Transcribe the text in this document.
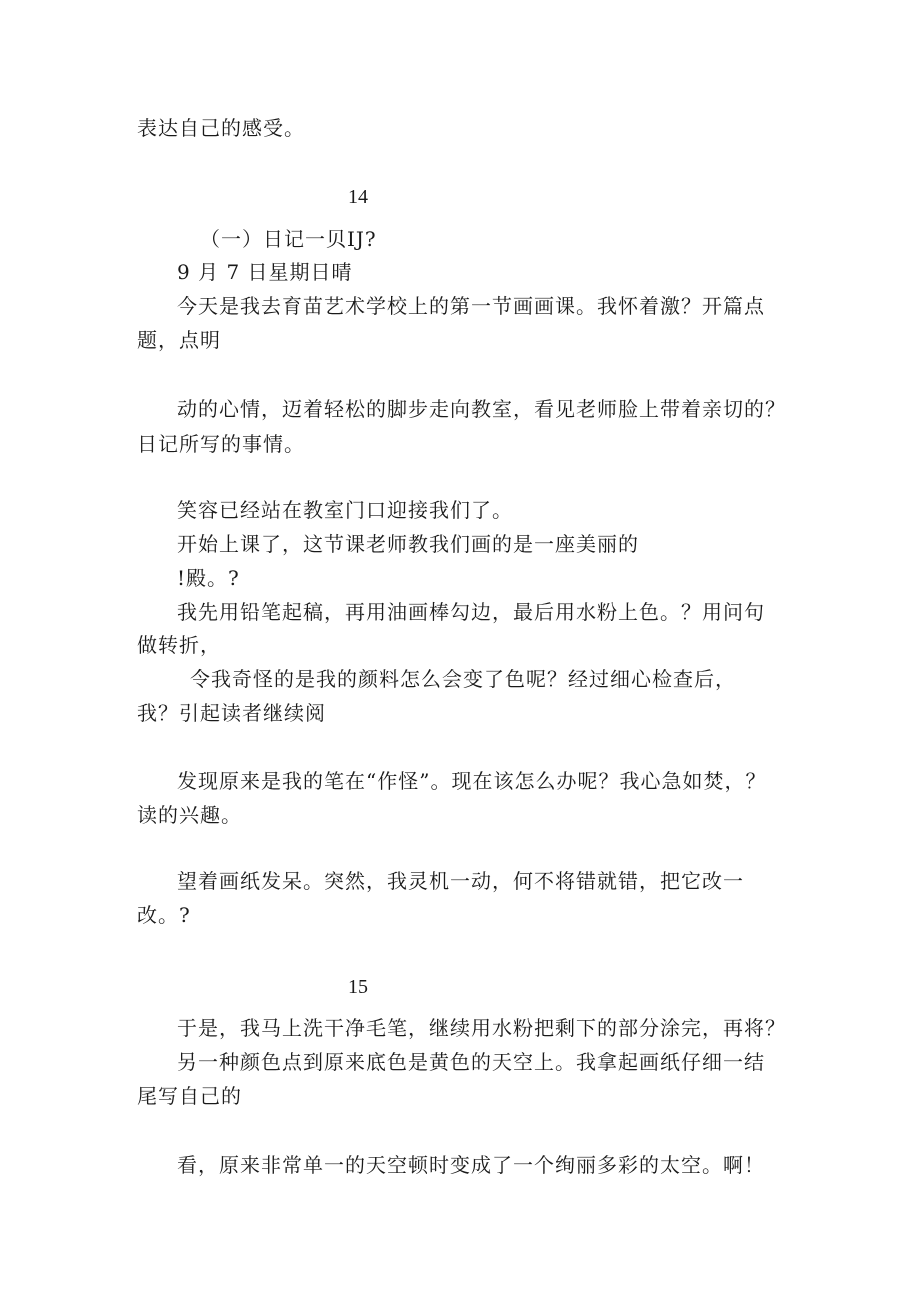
表达自己的感受。
14
（一）日记一贝IJ?
9 月 7 日星期日晴
今天是我去育苗艺术学校上的第一节画画课。我怀着激？开篇点
题，点明
动的心情，迈着轻松的脚步走向教室，看见老师脸上带着亲切的？
日记所写的事情。
笑容已经站在教室门口迎接我们了。
开始上课了，这节课老师教我们画的是一座美丽的
!殿。?
我先用铅笔起稿，再用油画棒勾边，最后用水粉上色。？用问句
做转折，
令我奇怪的是我的颜料怎么会变了色呢？经过细心检查后，
我？引起读者继续阅
发现原来是我的笔在“作怪”。现在该怎么办呢？我心急如焚，？
读的兴趣。
望着画纸发呆。突然，我灵机一动，何不将错就错，把它改一
改。?
15
于是，我马上洗干净毛笔，继续用水粉把剩下的部分涂完，再将？
另一种颜色点到原来底色是黄色的天空上。我拿起画纸仔细一结
尾写自己的
看，原来非常单一的天空顿时变成了一个绚丽多彩的太空。啊！
